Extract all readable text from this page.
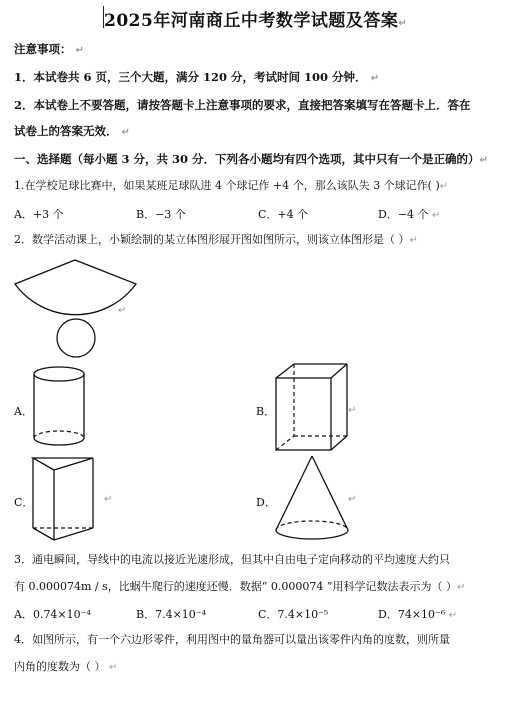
2025年河南商丘中考数学试题及答案↵
注意事项： ↵
1．本试卷共 6 页，三个大题，满分 120 分，考试时间 100 分钟． ↵
2．本试卷上不要答题，请按答题卡上注意事项的要求，直接把答案填写在答题卡上．答在
试卷上的答案无效． ↵
一、选择题（每小题 3 分，共 30 分．下列各小题均有四个选项，其中只有一个是正确的）↵
1.在学校足球比赛中，如果某班足球队进 4 个球记作 +4 个，那么该队失 3 个球记作( )↵
A．+3 个	B．−3 个	C．+4 个	D．−4 个 ↵
2．数学活动课上，小颖绘制的某立体图形展开图如图所示，则该立体图形是（ ）↵
↵
A．	B．	↵
C．	↵	D．	↵
3．通电瞬间，导线中的电流以接近光速形成，但其中自由电子定向移动的平均速度大约只
有 0.000074m / s，比蜗牛爬行的速度还慢．数据“ 0.000074 ”用科学记数法表示为（ ）↵
A．0.74×10⁻⁴	B．7.4×10⁻⁴	C．7.4×10⁻⁵	D．74×10⁻⁶ ↵
4．如图所示，有一个六边形零件，利用图中的量角器可以量出该零件内角的度数，则所量
内角的度数为（ ） ↵
